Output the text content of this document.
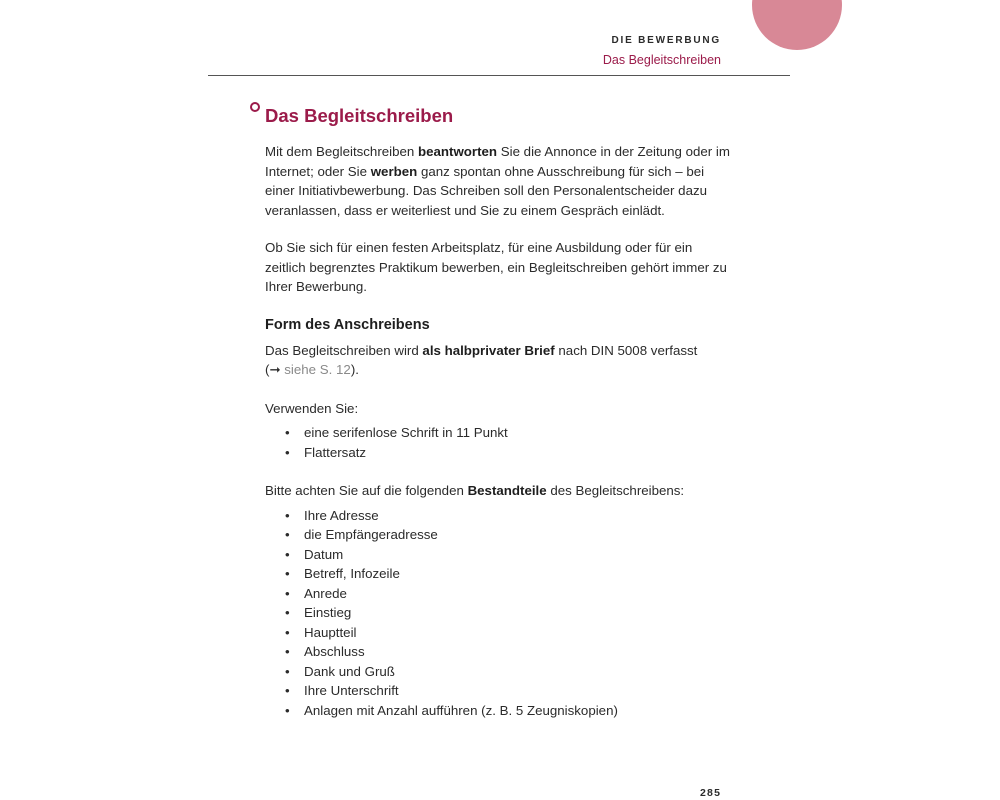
DIE BEWERBUNG
Das Begleitschreiben
Das Begleitschreiben

Mit dem Begleitschreiben beantworten Sie die Annonce in der Zeitung oder im Internet; oder Sie werben ganz spontan ohne Ausschreibung für sich – bei einer Initiativbewerbung. Das Schreiben soll den Personalentscheider dazu veranlassen, dass er weiterliest und Sie zu einem Gespräch einlädt.

Ob Sie sich für einen festen Arbeitsplatz, für eine Ausbildung oder für ein zeitlich begrenztes Praktikum bewerben, ein Begleitschreiben gehört immer zu Ihrer Bewerbung.

Form des Anschreibens

Das Begleitschreiben wird als halbprivater Brief nach DIN 5008 verfasst
(➞ siehe S. 12).

Verwenden Sie:

• eine serifenlose Schrift in 11 Punkt
• Flattersatz

Bitte achten Sie auf die folgenden Bestandteile des Begleitschreibens:

• Ihre Adresse
• die Empfängeradresse
• Datum
• Betreff, Infozeile
• Anrede
• Einstieg
• Hauptteil
• Abschluss
• Dank und Gruß
• Ihre Unterschrift
• Anlagen mit Anzahl aufführen (z. B. 5 Zeugniskopien)
285
